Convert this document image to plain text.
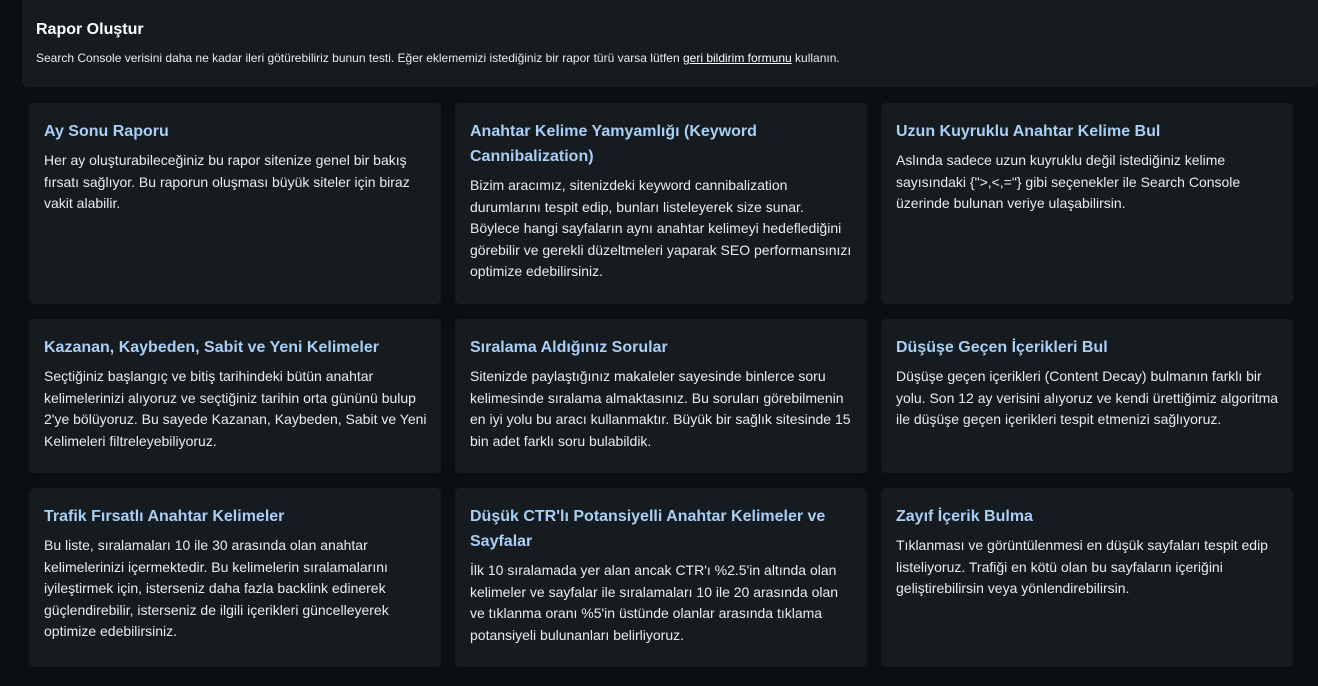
Rapor Oluştur
Search Console verisini daha ne kadar ileri götürebiliriz bunun testi. Eğer eklememizi istediğiniz bir rapor türü varsa lütfen geri bildirim formunu kullanın.
Ay Sonu Raporu
Her ay oluşturabileceğiniz bu rapor sitenize genel bir bakış fırsatı sağlıyor. Bu raporun oluşması büyük siteler için biraz vakit alabilir.
Anahtar Kelime Yamyamlığı (Keyword Cannibalization)
Bizim aracımız, sitenizdeki keyword cannibalization durumlarını tespit edip, bunları listeleyerek size sunar. Böylece hangi sayfaların aynı anahtar kelimeyi hedeflediğini görebilir ve gerekli düzeltmeleri yaparak SEO performansınızı optimize edebilirsiniz.
Uzun Kuyruklu Anahtar Kelime Bul
Aslında sadece uzun kuyruklu değil istediğiniz kelime sayısındaki {">,<,="} gibi seçenekler ile Search Console üzerinde bulunan veriye ulaşabilirsin.
Kazanan, Kaybeden, Sabit ve Yeni Kelimeler
Seçtiğiniz başlangıç ve bitiş tarihindeki bütün anahtar kelimelerinizi alıyoruz ve seçtiğiniz tarihin orta gününü bulup 2'ye bölüyoruz. Bu sayede Kazanan, Kaybeden, Sabit ve Yeni Kelimeleri filtreleyebiliyoruz.
Sıralama Aldığınız Sorular
Sitenizde paylaştığınız makaleler sayesinde binlerce soru kelimesinde sıralama almaktasınız. Bu soruları görebilmenin en iyi yolu bu aracı kullanmaktır. Büyük bir sağlık sitesinde 15 bin adet farklı soru bulabildik.
Düşüşe Geçen İçerikleri Bul
Düşüşe geçen içerikleri (Content Decay) bulmanın farklı bir yolu. Son 12 ay verisini alıyoruz ve kendi ürettiğimiz algoritma ile düşüşe geçen içerikleri tespit etmenizi sağlıyoruz.
Trafik Fırsatlı Anahtar Kelimeler
Bu liste, sıralamaları 10 ile 30 arasında olan anahtar kelimelerinizi içermektedir. Bu kelimelerin sıralamalarını iyileştirmek için, isterseniz daha fazla backlink edinerek güçlendirebilir, isterseniz de ilgili içerikleri güncelleyerek optimize edebilirsiniz.
Düşük CTR'lı Potansiyelli Anahtar Kelimeler ve Sayfalar
İlk 10 sıralamada yer alan ancak CTR'ı %2.5'in altında olan kelimeler ve sayfalar ile sıralamaları 10 ile 20 arasında olan ve tıklanma oranı %5'in üstünde olanlar arasında tıklama potansiyeli bulunanları belirliyoruz.
Zayıf İçerik Bulma
Tıklanması ve görüntülenmesi en düşük sayfaları tespit edip listeliyoruz. Trafiği en kötü olan bu sayfaların içeriğini geliştirebilirsin veya yönlendirebilirsin.
